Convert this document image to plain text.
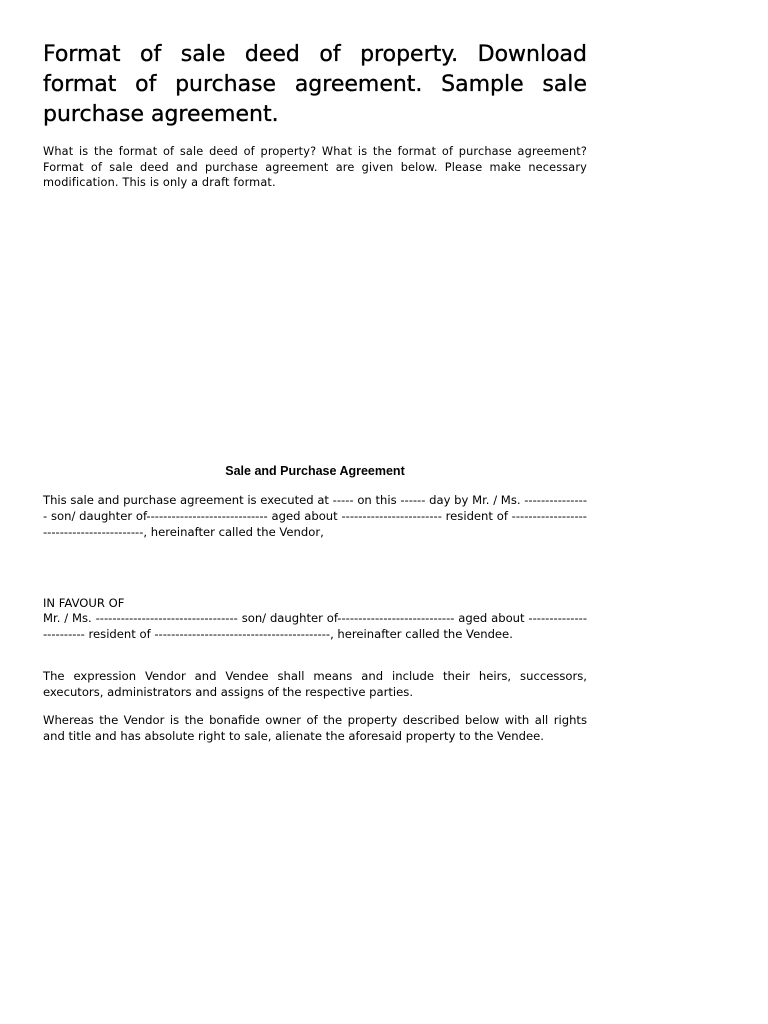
Format of sale deed of property. Download format of purchase agreement. Sample sale purchase agreement.

What is the format of sale deed of property? What is the format of purchase agreement? Format of sale deed and purchase agreement are given below. Please make necessary modification. This is only a draft format.

Sale and Purchase Agreement

This sale and purchase agreement is executed at ----- on this ------ day by Mr. / Ms. ---------------- son/ daughter of----------------------------- aged about ------------------------ resident of ------------------------------------------, hereinafter called the Vendor,

IN FAVOUR OF

Mr. / Ms. ---------------------------------- son/ daughter of---------------------------- aged about ------------------------ resident of ------------------------------------------, hereinafter called the Vendee.

The expression Vendor and Vendee shall means and include their heirs, successors, executors, administrators and assigns of the respective parties.

Whereas the Vendor is the bonafide owner of the property described below with all rights and title and has absolute right to sale, alienate the aforesaid property to the Vendee.
